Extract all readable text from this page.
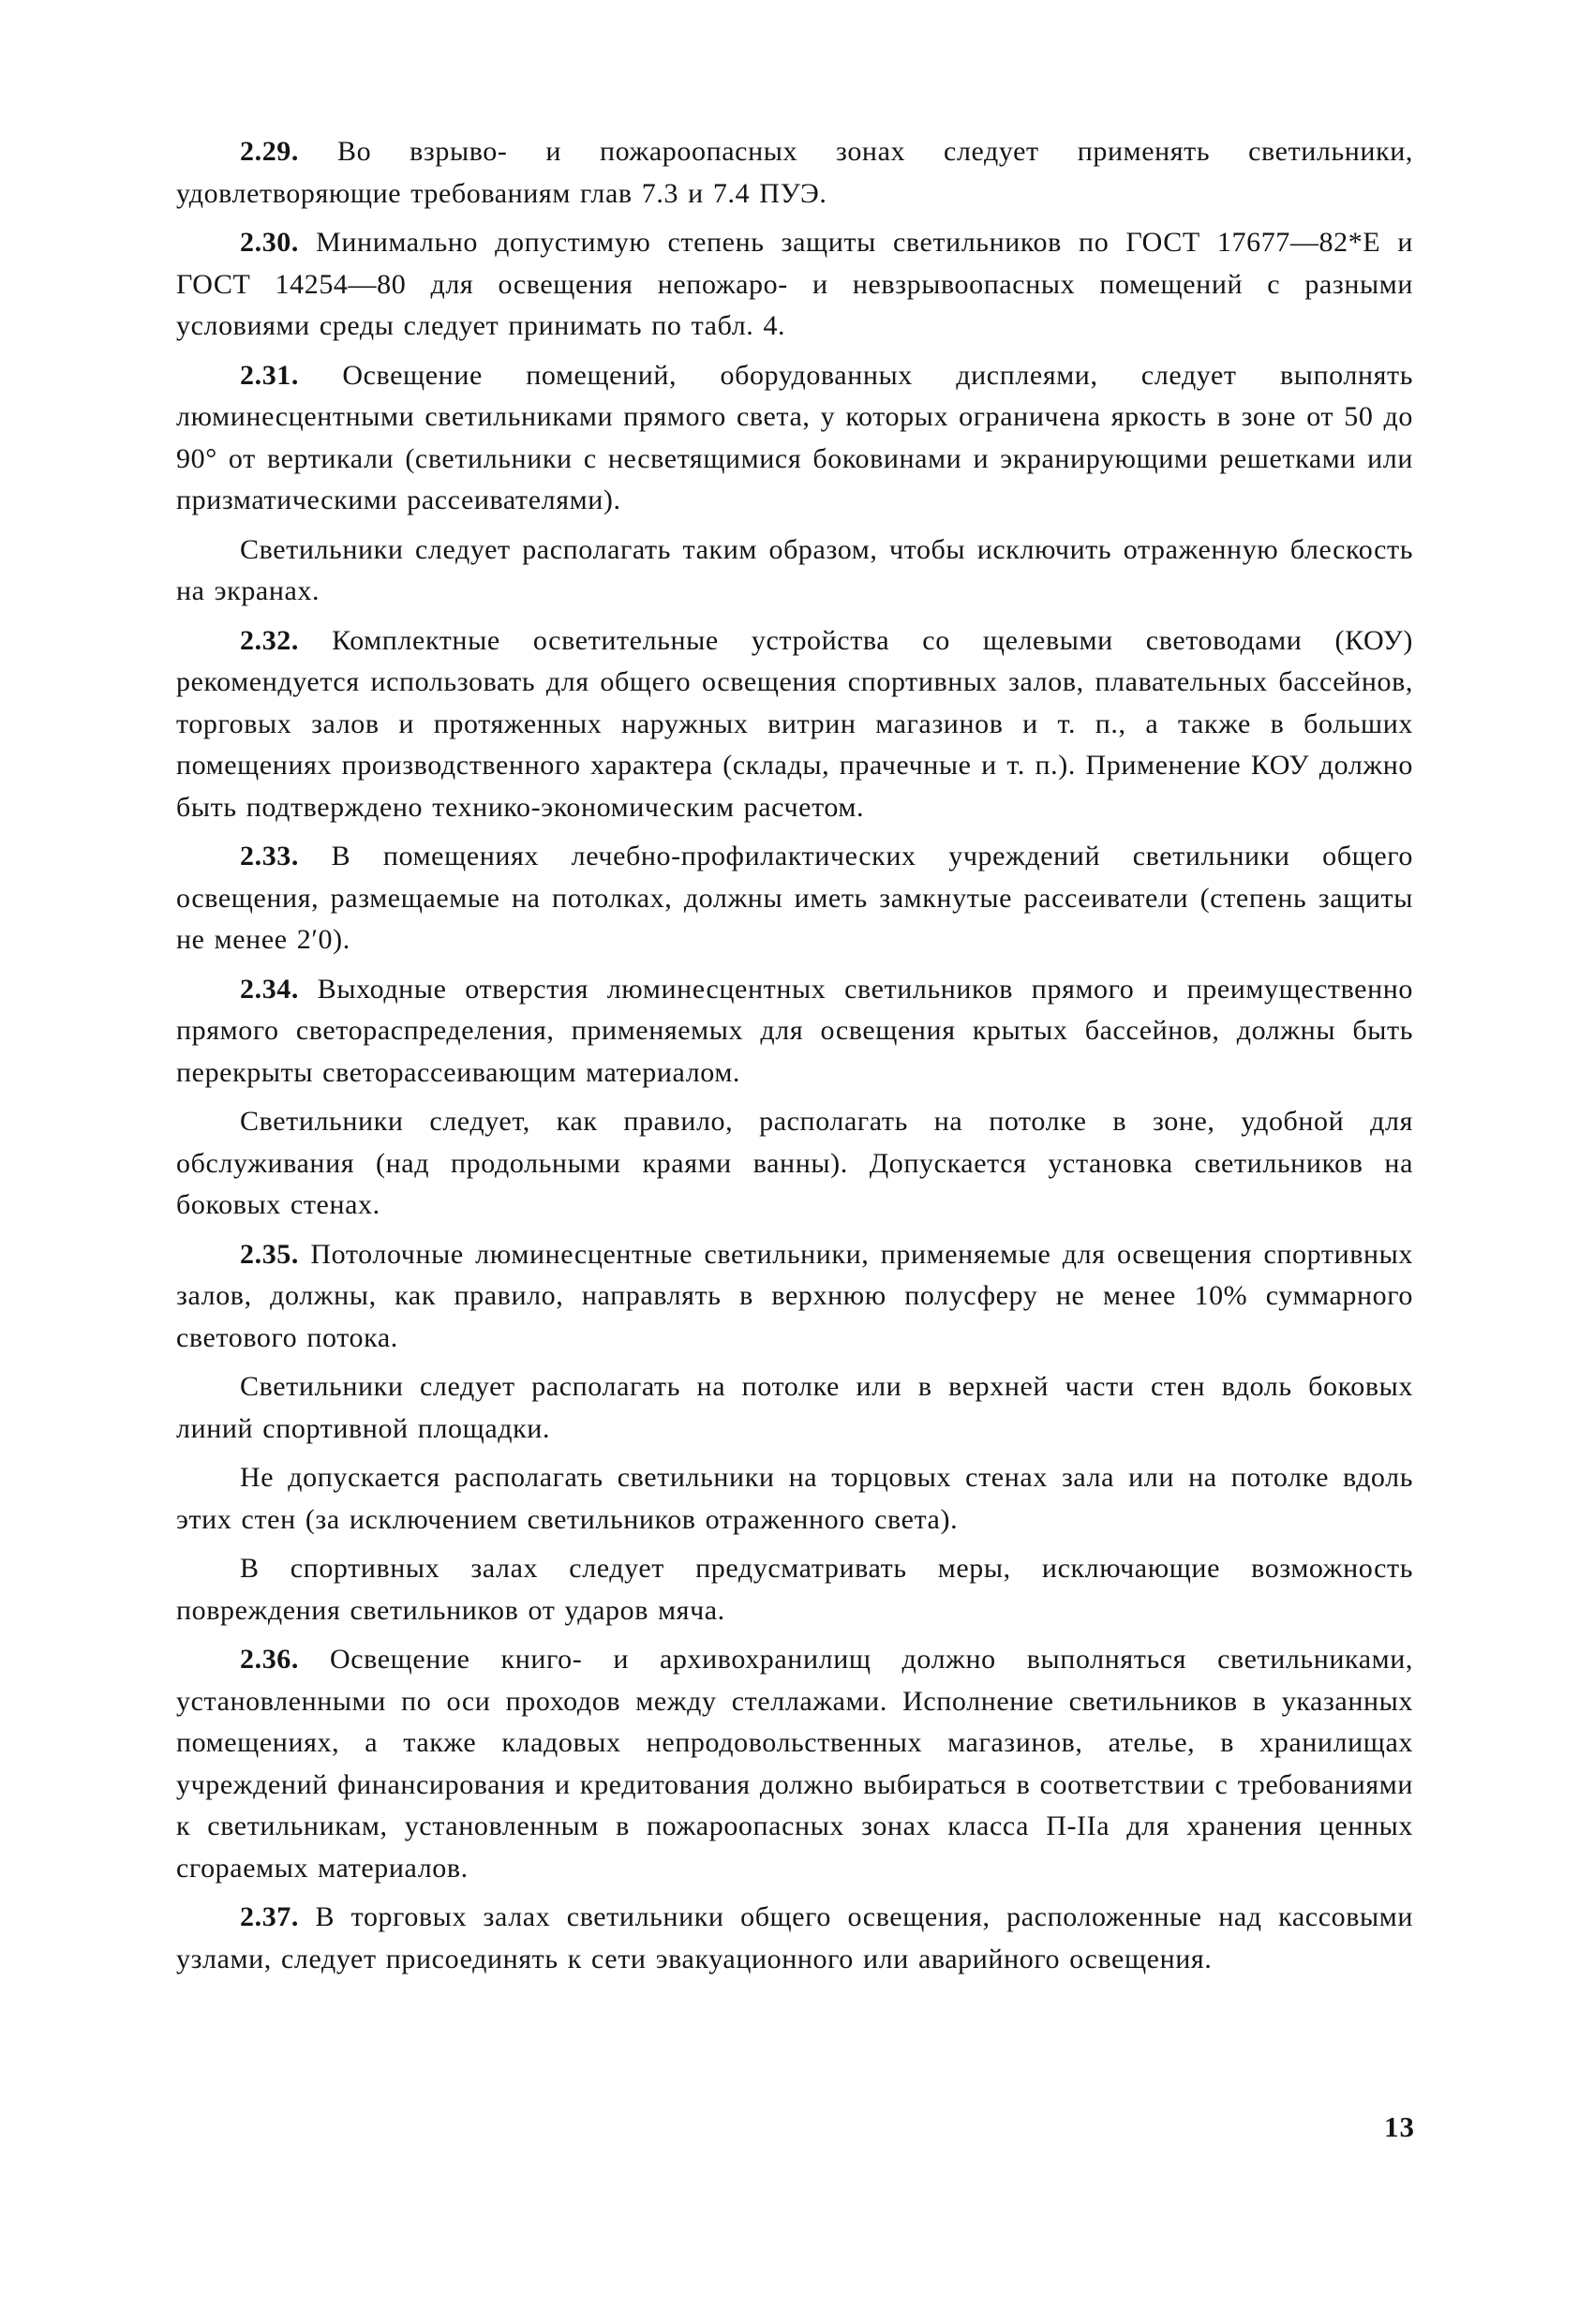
2.29. Во взрыво- и пожароопасных зонах следует применять светильники, удовлетворяющие требованиям глав 7.3 и 7.4 ПУЭ.

2.30. Минимально допустимую степень защиты светильников по ГОСТ 17677—82*Е и ГОСТ 14254—80 для освещения непожаро- и невзрывоопасных помещений с разными условиями среды следует принимать по табл. 4.

2.31. Освещение помещений, оборудованных дисплеями, следует выполнять люминесцентными светильниками прямого света, у которых ограничена яркость в зоне от 50 до 90° от вертикали (светильники с несветящимися боковинами и экранирующими решетками или призматическими рассеивателями).

Светильники следует располагать таким образом, чтобы исключить отраженную блескость на экранах.

2.32. Комплектные осветительные устройства со щелевыми световодами (КОУ) рекомендуется использовать для общего освещения спортивных залов, плавательных бассейнов, торговых залов и протяженных наружных витрин магазинов и т. п., а также в больших помещениях производственного характера (склады, прачечные и т. п.). Применение КОУ должно быть подтверждено технико-экономическим расчетом.

2.33. В помещениях лечебно-профилактических учреждений светильники общего освещения, размещаемые на потолках, должны иметь замкнутые рассеиватели (степень защиты не менее 2′0).

2.34. Выходные отверстия люминесцентных светильников прямого и преимущественно прямого светораспределения, применяемых для освещения крытых бассейнов, должны быть перекрыты светорассеивающим материалом.

Светильники следует, как правило, располагать на потолке в зоне, удобной для обслуживания (над продольными краями ванны). Допускается установка светильников на боковых стенах.

2.35. Потолочные люминесцентные светильники, применяемые для освещения спортивных залов, должны, как правило, направлять в верхнюю полусферу не менее 10% суммарного светового потока.

Светильники следует располагать на потолке или в верхней части стен вдоль боковых линий спортивной площадки.

Не допускается располагать светильники на торцовых стенах зала или на потолке вдоль этих стен (за исключением светильников отраженного света).

В спортивных залах следует предусматривать меры, исключающие возможность повреждения светильников от ударов мяча.

2.36. Освещение книго- и архивохранилищ должно выполняться светильниками, установленными по оси проходов между стеллажами. Исполнение светильников в указанных помещениях, а также кладовых непродовольственных магазинов, ателье, в хранилищах учреждений финансирования и кредитования должно выбираться в соответствии с требованиями к светильникам, установленным в пожароопасных зонах класса П-IIа для хранения ценных сгораемых материалов.

2.37. В торговых залах светильники общего освещения, расположенные над кассовыми узлами, следует присоединять к сети эвакуационного или аварийного освещения.

13
